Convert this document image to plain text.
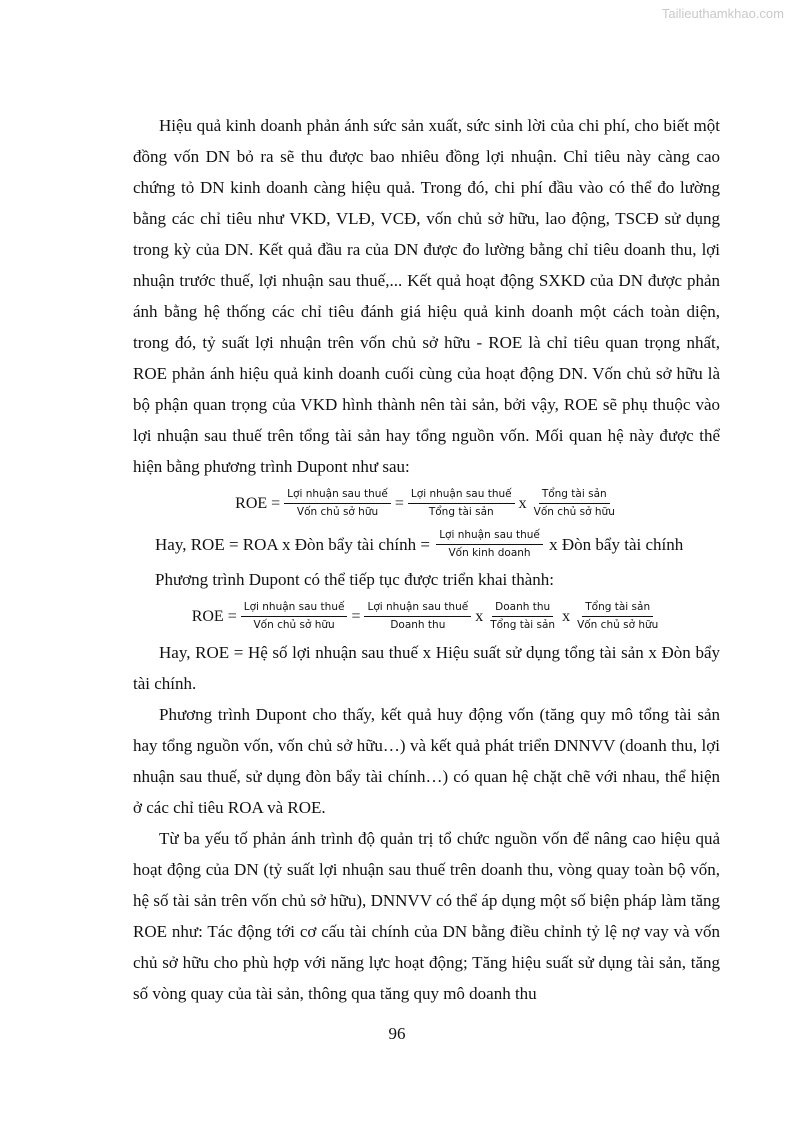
Tailieuthamkhao.com

Hiệu quả kinh doanh phản ánh sức sản xuất, sức sinh lời của chi phí, cho biết một đồng vốn DN bỏ ra sẽ thu được bao nhiêu đồng lợi nhuận. Chỉ tiêu này càng cao chứng tỏ DN kinh doanh càng hiệu quả. Trong đó, chi phí đầu vào có thể đo lường bằng các chỉ tiêu như VKD, VLĐ, VCĐ, vốn chủ sở hữu, lao động, TSCĐ sử dụng trong kỳ của DN. Kết quả đầu ra của DN được đo lường bằng chỉ tiêu doanh thu, lợi nhuận trước thuế, lợi nhuận sau thuế,... Kết quả hoạt động SXKD của DN được phản ánh bằng hệ thống các chỉ tiêu đánh giá hiệu quả kinh doanh một cách toàn diện, trong đó, tỷ suất lợi nhuận trên vốn chủ sở hữu - ROE là chỉ tiêu quan trọng nhất, ROE phản ánh hiệu quả kinh doanh cuối cùng của hoạt động DN. Vốn chủ sở hữu là bộ phận quan trọng của VKD hình thành nên tài sản, bởi vậy, ROE sẽ phụ thuộc vào lợi nhuận sau thuế trên tổng tài sản hay tổng nguồn vốn. Mối quan hệ này được thể hiện bằng phương trình Dupont như sau:

ROE = $\frac{\text{Lợi nhuận sau thuế}}{\text{Vốn chủ sở hữu}} = \frac{\text{Lợi nhuận sau thuế}}{\text{Tổng tài sản}}$ x $\frac{\text{Tổng tài sản}}{\text{Vốn chủ sở hữu}}$
Hay, ROE = ROA x Đòn bẩy tài chính = $\frac{\text{Lợi nhuận sau thuế}}{\text{Vốn kinh doanh}}$ x Đòn bẩy tài chính

Phương trình Dupont có thể tiếp tục được triển khai thành:

ROE = $\frac{\text{Lợi nhuận sau thuế}}{\text{Vốn chủ sở hữu}} = \frac{\text{Lợi nhuận sau thuế}}{\text{Doanh thu}}$ x $\frac{\text{Doanh thu}}{\text{Tổng tài sản}}$ x $\frac{\text{Tổng tài sản}}{\text{Vốn chủ sở hữu}}$

Hay, ROE = Hệ số lợi nhuận sau thuế x Hiệu suất sử dụng tổng tài sản x Đòn bẩy tài chính.

Phương trình Dupont cho thấy, kết quả huy động vốn (tăng quy mô tổng tài sản hay tổng nguồn vốn, vốn chủ sở hữu…) và kết quả phát triển DNNVV (doanh thu, lợi nhuận sau thuế, sử dụng đòn bẩy tài chính…) có quan hệ chặt chẽ với nhau, thể hiện ở các chỉ tiêu ROA và ROE.

Từ ba yếu tố phản ánh trình độ quản trị tổ chức nguồn vốn để nâng cao hiệu quả hoạt động của DN (tỷ suất lợi nhuận sau thuế trên doanh thu, vòng quay toàn bộ vốn, hệ số tài sản trên vốn chủ sở hữu), DNNVV có thể áp dụng một số biện pháp làm tăng ROE như: Tác động tới cơ cấu tài chính của DN bằng điều chỉnh tỷ lệ nợ vay và vốn chủ sở hữu cho phù hợp với năng lực hoạt động; Tăng hiệu suất sử dụng tài sản, tăng số vòng quay của tài sản, thông qua tăng quy mô doanh thu

96
